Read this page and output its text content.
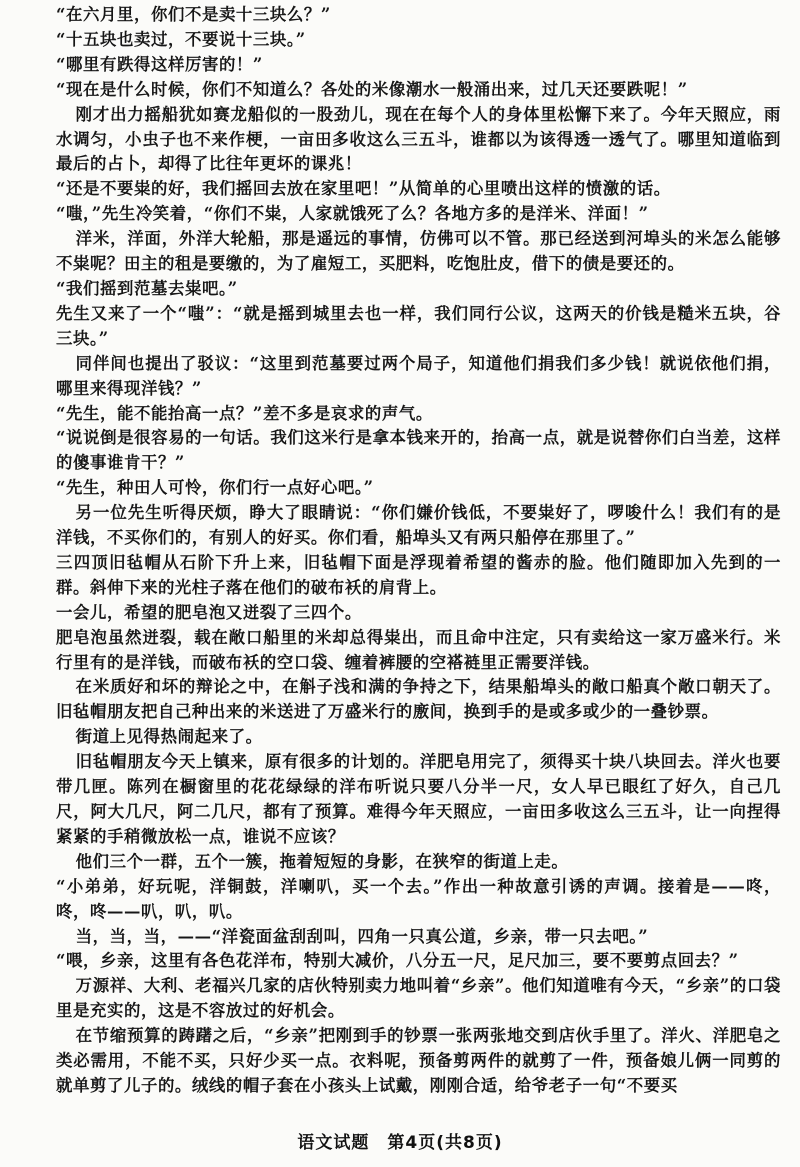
“在六月里，你们不是卖十三块么？”

“十五块也卖过，不要说十三块。”

“哪里有跌得这样厉害的！”

“现在是什么时候，你们不知道么？各处的米像潮水一般涌出来，过几天还要跌呢！”

刚才出力摇船犹如赛龙船似的一股劲儿，现在在每个人的身体里松懈下来了。今年天照应，雨水调匀，小虫子也不来作梗，一亩田多收这么三五斗，谁都以为该得透一透气了。哪里知道临到最后的占卜，却得了比往年更坏的课兆！

“还是不要粜的好，我们摇回去放在家里吧！”从简单的心里喷出这样的愤激的话。

“嗤，”先生冷笑着，“你们不粜，人家就饿死了么？各地方多的是洋米、洋面！”

洋米，洋面，外洋大轮船，那是遥远的事情，仿佛可以不管。那已经送到河埠头的米怎么能够不粜呢？田主的租是要缴的，为了雇短工，买肥料，吃饱肚皮，借下的债是要还的。

“我们摇到范墓去粜吧。”

先生又来了一个“嗤”：“就是摇到城里去也一样，我们同行公议，这两天的价钱是糙米五块，谷三块。”

同伴间也提出了驳议：“这里到范墓要过两个局子，知道他们捐我们多少钱！就说依他们捐，哪里来得现洋钱？”

“先生，能不能抬高一点？”差不多是哀求的声气。

“说说倒是很容易的一句话。我们这米行是拿本钱来开的，抬高一点，就是说替你们白当差，这样的傻事谁肯干？”

“先生，种田人可怜，你们行一点好心吧。”

另一位先生听得厌烦，睁大了眼睛说：“你们嫌价钱低，不要粜好了，啰唆什么！我们有的是洋钱，不买你们的，有别人的好买。你们看，船埠头又有两只船停在那里了。”

三四顶旧毡帽从石阶下升上来，旧毡帽下面是浮现着希望的酱赤的脸。他们随即加入先到的一群。斜伸下来的光柱子落在他们的破布袄的肩背上。

一会儿，希望的肥皂泡又迸裂了三四个。

肥皂泡虽然迸裂，载在敞口船里的米却总得粜出，而且命中注定，只有卖给这一家万盛米行。米行里有的是洋钱，而破布袄的空口袋、缠着裤腰的空褡裢里正需要洋钱。

在米质好和坏的辩论之中，在斛子浅和满的争持之下，结果船埠头的敞口船真个敞口朝天了。旧毡帽朋友把自己种出来的米送进了万盛米行的廒间，换到手的是或多或少的一叠钞票。

街道上见得热闹起来了。

旧毡帽朋友今天上镇来，原有很多的计划的。洋肥皂用完了，须得买十块八块回去。洋火也要带几匣。陈列在橱窗里的花花绿绿的洋布听说只要八分半一尺，女人早已眼红了好久，自己几尺，阿大几尺，阿二几尺，都有了预算。难得今年天照应，一亩田多收这么三五斗，让一向捏得紧紧的手稍微放松一点，谁说不应该？

他们三个一群，五个一簇，拖着短短的身影，在狭窄的街道上走。

“小弟弟，好玩呢，洋铜鼓，洋喇叭，买一个去。”作出一种故意引诱的声调。接着是——咚，咚，咚——叭，叭，叭。

当，当，当，——“洋瓷面盆刮刮叫，四角一只真公道，乡亲，带一只去吧。”

“喂，乡亲，这里有各色花洋布，特别大减价，八分五一尺，足尺加三，要不要剪点回去？”

万源祥、大利、老福兴几家的店伙特别卖力地叫着“乡亲”。他们知道唯有今天，“乡亲”的口袋里是充实的，这是不容放过的好机会。

在节缩预算的踌躇之后，“乡亲”把刚到手的钞票一张两张地交到店伙手里了。洋火、洋肥皂之类必需用，不能不买，只好少买一点。衣料呢，预备剪两件的就剪了一件，预备娘儿俩一同剪的就单剪了儿子的。绒线的帽子套在小孩头上试戴，刚刚合适，给爷老子一句“不要买

语文试题　第4页(共8页)
